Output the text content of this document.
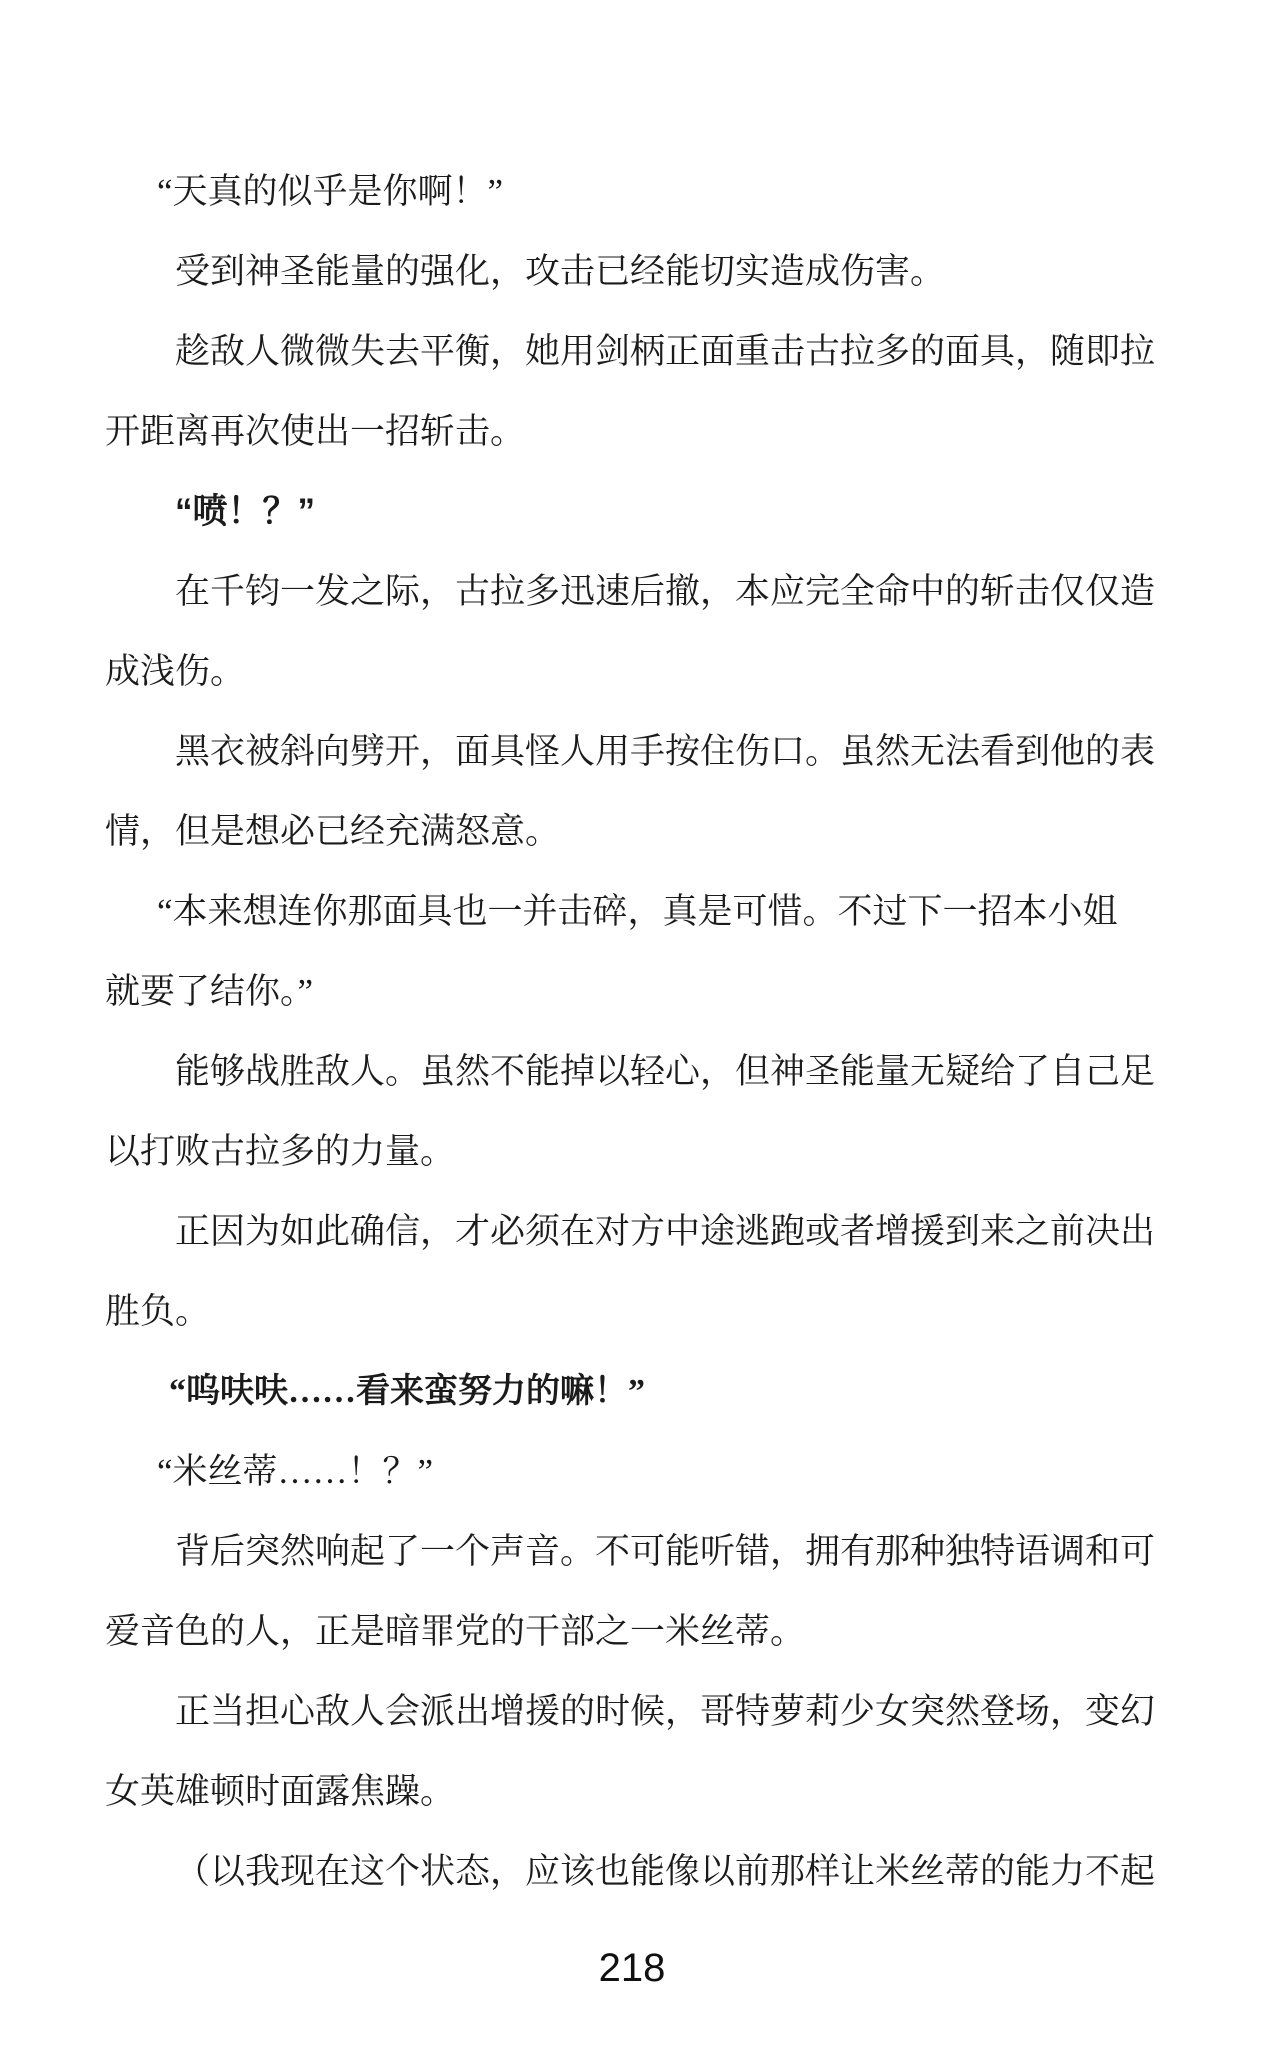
“天真的似乎是你啊！”
受到神圣能量的强化，攻击已经能切实造成伤害。
趁敌人微微失去平衡，她用剑柄正面重击古拉多的面具，随即拉
开距离再次使出一招斩击。
“喷！？”
在千钧一发之际，古拉多迅速后撤，本应完全命中的斩击仅仅造
成浅伤。
黑衣被斜向劈开，面具怪人用手按住伤口。虽然无法看到他的表
情，但是想必已经充满怒意。
“本来想连你那面具也一并击碎，真是可惜。不过下一招本小姐
就要了结你。”
能够战胜敌人。虽然不能掉以轻心，但神圣能量无疑给了自己足
以打败古拉多的力量。
正因为如此确信，才必须在对方中途逃跑或者增援到来之前决出
胜负。
“呜呋呋……看来蛮努力的嘛！”
“米丝蒂……！？”
背后突然响起了一个声音。不可能听错，拥有那种独特语调和可
爱音色的人，正是暗罪党的干部之一米丝蒂。
正当担心敌人会派出增援的时候，哥特萝莉少女突然登场，变幻
女英雄顿时面露焦躁。
（以我现在这个状态，应该也能像以前那样让米丝蒂的能力不起
218
